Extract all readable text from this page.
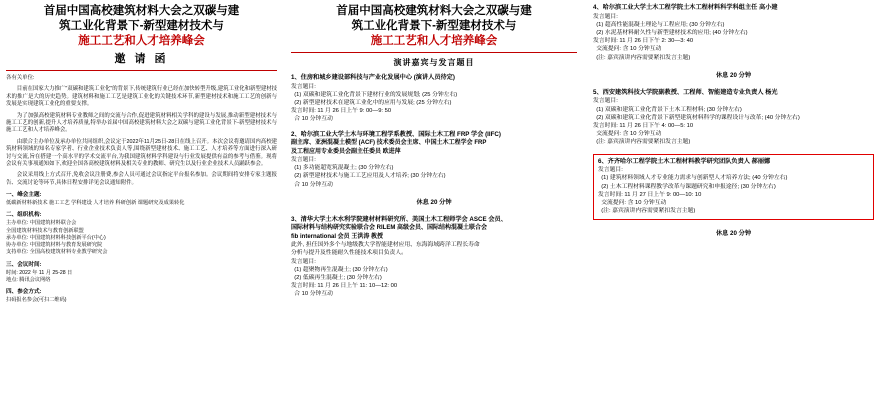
首届中国高校建筑材料大会之双碳与建
筑工业化背景下-新型建材技术与
施工工艺和人才培养峰会
邀 请 函

各有关单位:

目前在国家大力推广"双碳和建筑工业化"的背景下,传统建筑行业已经在加快转型升级,建筑工业化和新型建材技术的推广是大的历史趋势。建筑材料和施工工艺是建筑工业化的关键技术环节,新型建材技术和施工工艺的创新与发展是实现建筑工业化的重要支撑。

为了加强高校建筑材料专业教师之间的交流与合作,促进建筑材料相关学科的建设与发展,推动新型建材技术与施工工艺的创新,提升人才培养质量,特举办首届中国高校建筑材料大会之双碳与建筑工业化背景下-新型建材技术与施工工艺和人才培养峰会。

由联合主办单位及承办单位共同组织,会议定于2022年11月25日-28日在线上召开。本次会议将邀请国内高校建筑材料领域的知名专家学者、行业企业技术负责人等,围绕新型建材技术、施工工艺、人才培养等方面进行深入研讨与交流,旨在搭建一个高水平的学术交流平台,为我国建筑材料学科建设与行业发展提供有益的参考与借鉴。现将会议有关事项通知如下,欢迎全国各高校建筑材料及相关专业的教师、研究生以及行业企业技术人员踊跃参会。

会议采用线上方式召开,免收会议注册费,参会人员可通过会议指定平台报名参加。会议期间将安排专家主题报告、交流讨论等环节,具体日程安排详见会议通知附件。

一、峰会主题:
低碳新材料新技术 施工工艺 学科建设 人才培养 科研创新 课题研究及成果转化
二、组织机构:

主办单位: 中国建筑材料联合会

全国建筑材料技术与教育创新联盟

承办单位: 中国建筑材料科技创新平台(中心)

协办单位: 中国建筑材料与教育发展研究院

支持单位: 全国高校建筑材料专业教学研究会

三、会议时间:

时间: 2022 年 11 月 25-28 日

地点: 腾讯会议网络

四、参会方式:

扫码报名参会(可扫二维码)

首届中国高校建筑材料大会之双碳与建
筑工业化背景下-新型建材技术与
施工工艺和人才培养峰会
演讲嘉宾与发言题目
1、住房和城乡建设部科技与产业化发展中心 (演讲人员待定)
发言题目:
(1) 双碳和建筑工业化背景下建材行业的发展规划; (25 分钟左右)
(2) 新型建材技术在建筑工业化中的应用与发展; (25 分钟左右)
发言时间: 11 月 26 日上午 9: 00—9: 50
合 10 分钟互动
2、哈尔滨工业大学土木与环境工程学系教授、国际土木工程 FRP 学会 (IIFC)
副主席、亚洲混凝土模型 (ACF) 技术委员会主席、中国土木工程学会 FRP
及工程应用专业委员会副主任委员 欧进萍
发言题目:
(1) 多功能超宽筑混凝土; (30 分钟左右)
(2) 新型建材技术与施工工艺应用及人才培养; (30 分钟左右)
合 10 分钟互动
休息 20 分钟
3、清华大学土木水利学院建材材料研究所、美国土木工程师学会 ASCE 会员、
国际材料与结构研究实验联合会 RILEM 高级会员、国际结构混凝土联合会
fib international 会员 王洪涛 教授
此外, 担任国外多个与地级教大学智能建材应用、东海海域跨洋工程长寿命
分析与提升及性能耐久性能技术项目负责人。
发言题目:
(1) 超聚物再生混凝土; (30 分钟左右)
(2) 低碳再生混凝土; (30 分钟左右)
发言时间: 11 月 26 日上午 11: 10—12: 00
合 10 分钟互动
4、哈尔滨工业大学土木工程学院土木工程材料科学科组主任 高小建
发言题目:
(1) 超高性能混凝土理论与工程应用; (30 分钟左右)
(2) 水泥基材料耐久性与新型建材技术的应用; (40 分钟左右)
发言时间: 11 月 26 日下午 2: 30—3: 40
交流提问: 含 10 分钟互动
(注: 嘉宾演讲内容需要紧扣发言主题)
休息 20 分钟
5、西安建筑科技大学院副教授、工程师、智能建造专业负责人 杨光
发言题目:
(1) 双碳和建筑工业化背景下土木工程材料; (30 分钟左右)
(2) 双碳和建筑工业化背景下新型建筑材料科学的课程设计与改革; (40 分钟左右)
发言时间: 11 月 26 日下午 4: 00—5: 10
交流提问: 含 10 分钟互动
(注: 嘉宾演讲内容需要紧扣发言主题)
6、齐齐哈尔工程学院土木工程材料教学研究团队负责人 郝丽娜
发言题目:
(1) 建筑材料领域人才专业能力需求与创新型人才培养方法; (40 分钟左右)
(2) 土木工程材料课程教学改革与课题研究和申报途径; (30 分钟左右)
发言时间: 11 月 27 日上午 9: 00—10: 10
交流提问: 含 10 分钟互动
(注: 嘉宾演讲内容需要紧扣发言主题)
休息 20 分钟
